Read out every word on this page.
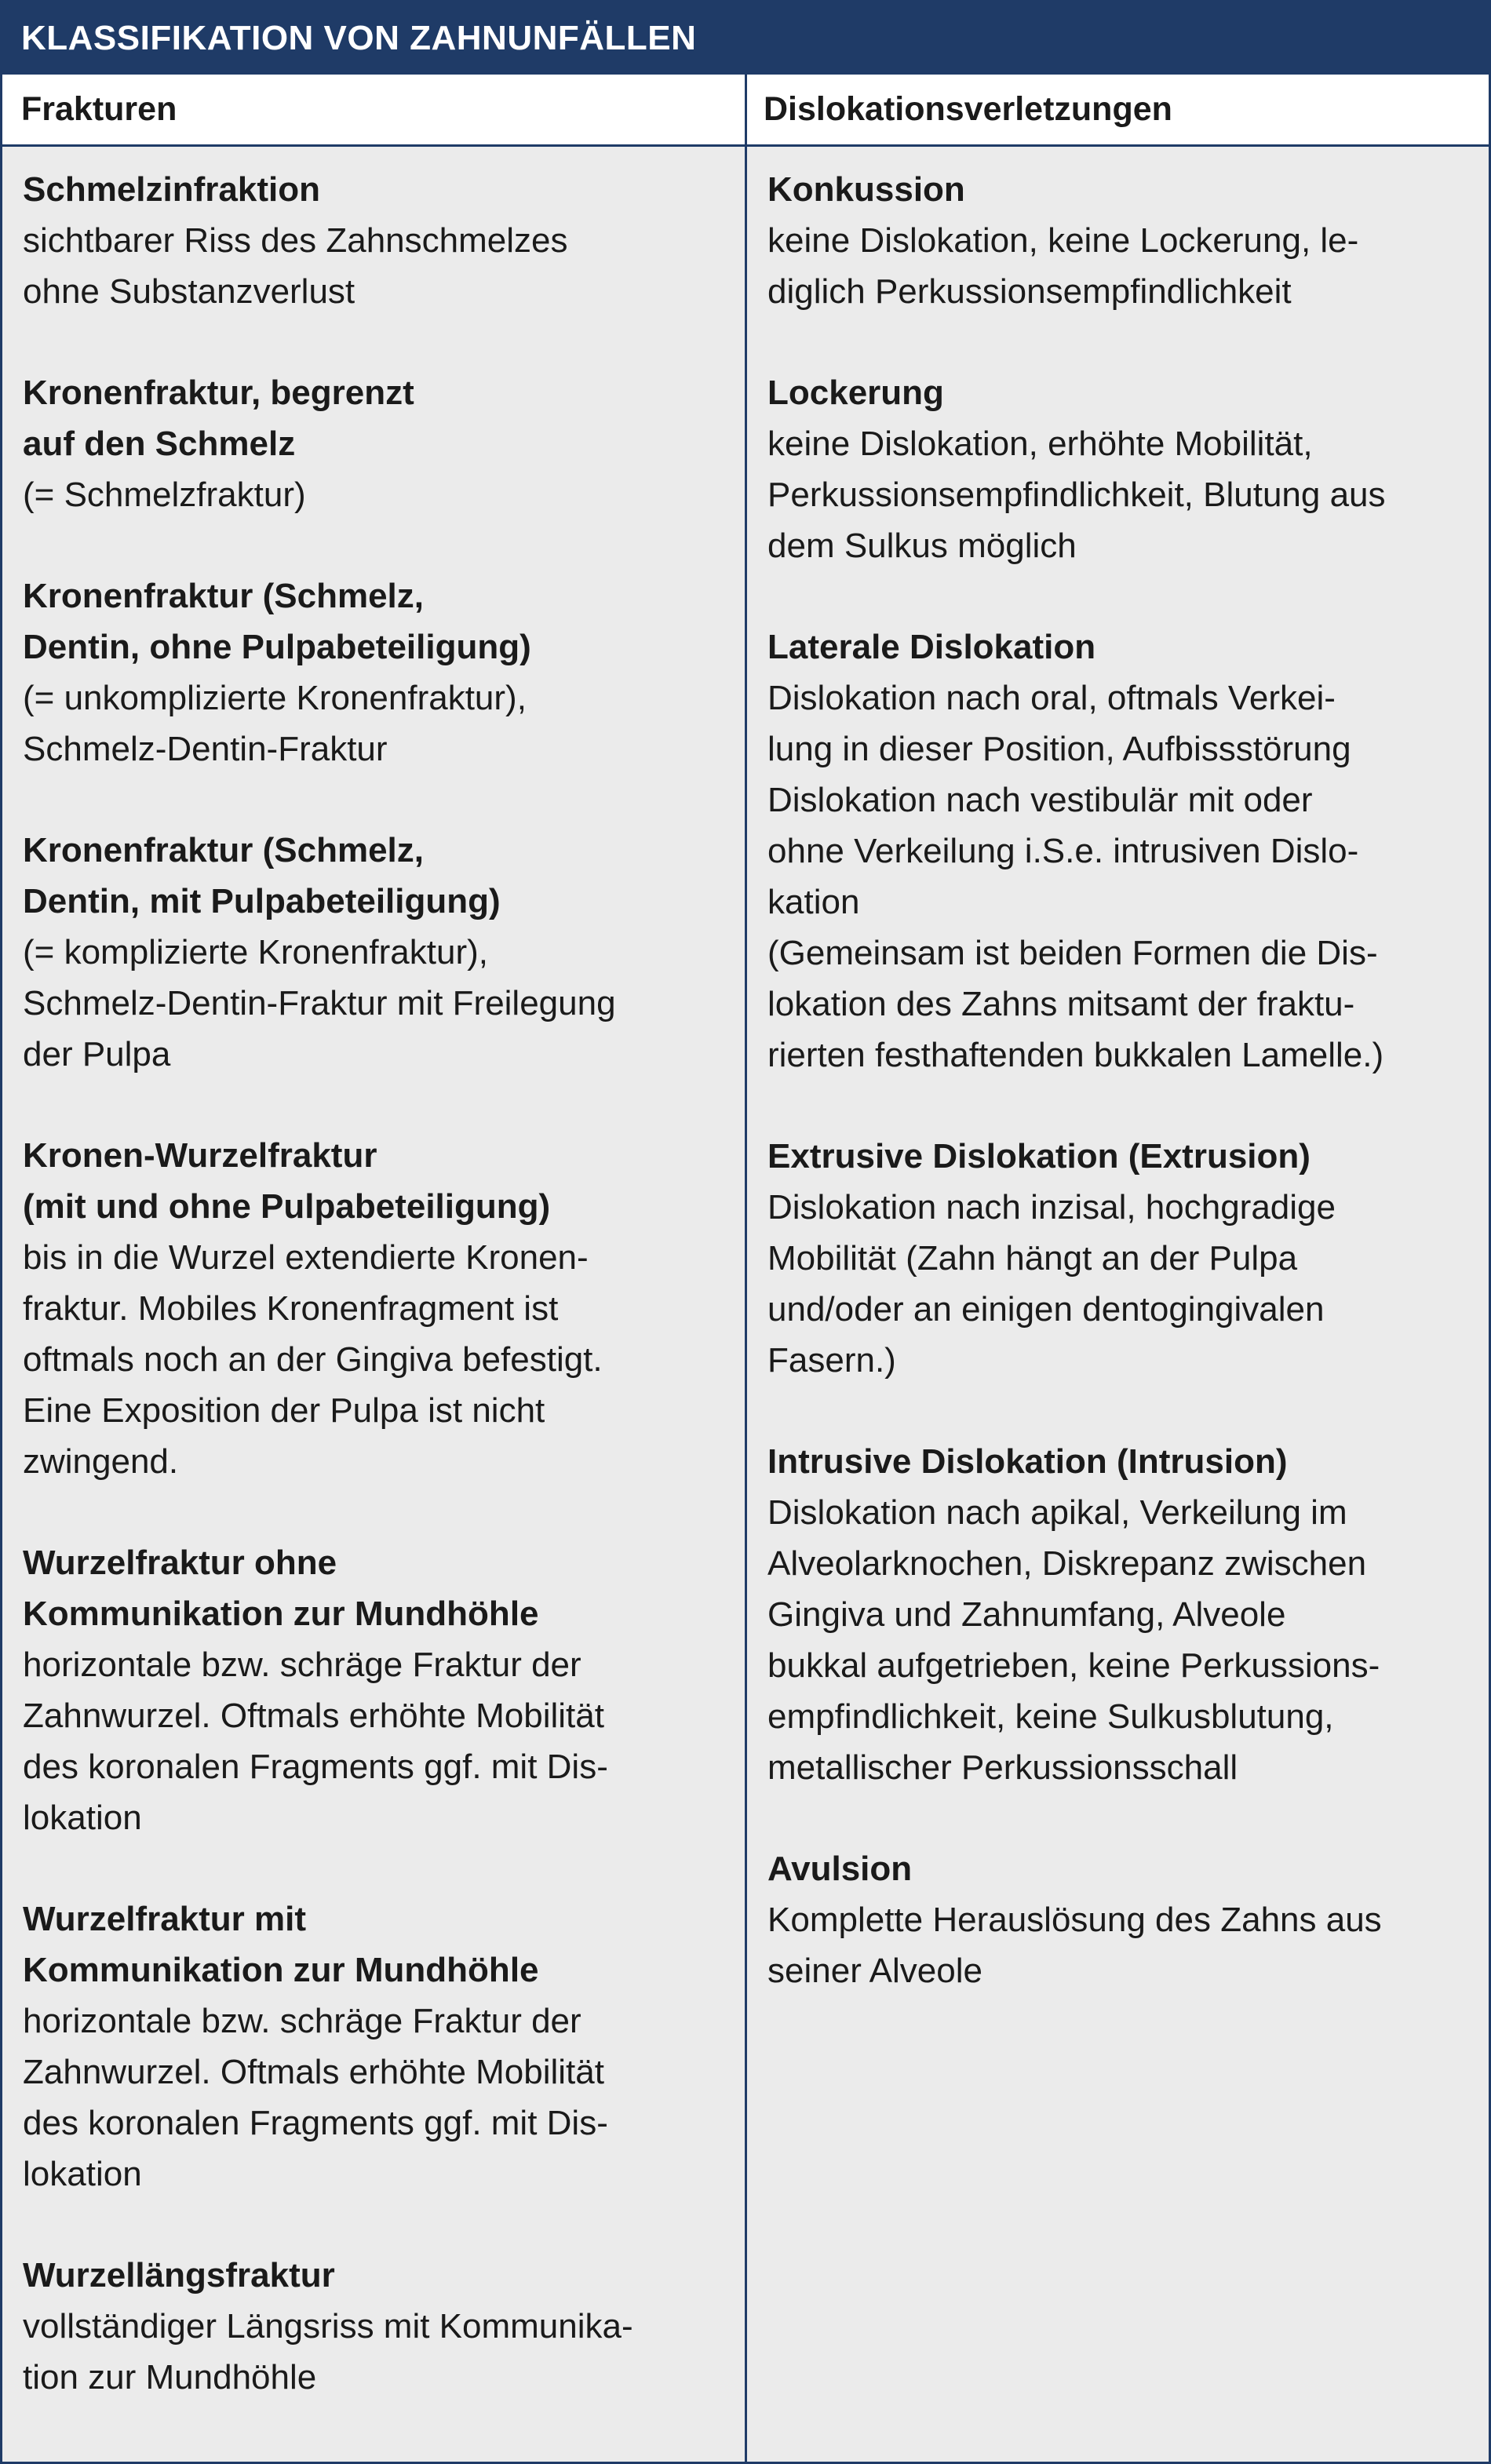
KLASSIFIKATION VON ZAHNUNFÄLLEN
Frakturen	Dislokationsverletzungen
Schmelzinfraktion
sichtbarer Riss des Zahnschmelzes
ohne Substanzverlust
Kronenfraktur, begrenzt
auf den Schmelz
(= Schmelzfraktur)
Kronenfraktur (Schmelz,
Dentin, ohne Pulpabeteiligung)
(= unkomplizierte Kronenfraktur),
Schmelz-Dentin-Fraktur
Kronenfraktur (Schmelz,
Dentin, mit Pulpabeteiligung)
(= komplizierte Kronenfraktur),
Schmelz-Dentin-Fraktur mit Freilegung
der Pulpa
Kronen-Wurzelfraktur
(mit und ohne Pulpabeteiligung)
bis in die Wurzel extendierte Kronen-
fraktur. Mobiles Kronenfragment ist
oftmals noch an der Gingiva befestigt.
Eine Exposition der Pulpa ist nicht
zwingend.
Wurzelfraktur ohne
Kommunikation zur Mundhöhle
horizontale bzw. schräge Fraktur der
Zahnwurzel. Oftmals erhöhte Mobilität
des koronalen Fragments ggf. mit Dis-
lokation
Wurzelfraktur mit
Kommunikation zur Mundhöhle
horizontale bzw. schräge Fraktur der
Zahnwurzel. Oftmals erhöhte Mobilität
des koronalen Fragments ggf. mit Dis-
lokation
Wurzellängsfraktur
vollständiger Längsriss mit Kommunika-
tion zur Mundhöhle
Konkussion
keine Dislokation, keine Lockerung, le-
diglich Perkussionsempfindlichkeit
Lockerung
keine Dislokation, erhöhte Mobilität,
Perkussionsempfindlichkeit, Blutung aus
dem Sulkus möglich
Laterale Dislokation
Dislokation nach oral, oftmals Verkei-
lung in dieser Position, Aufbissstörung
Dislokation nach vestibulär mit oder
ohne Verkeilung i.S.e. intrusiven Dislo-
kation
(Gemeinsam ist beiden Formen die Dis-
lokation des Zahns mitsamt der fraktu-
rierten festhaftenden bukkalen Lamelle.)
Extrusive Dislokation (Extrusion)
Dislokation nach inzisal, hochgradige
Mobilität (Zahn hängt an der Pulpa
und/oder an einigen dentogingivalen
Fasern.)
Intrusive Dislokation (Intrusion)
Dislokation nach apikal, Verkeilung im
Alveolarknochen, Diskrepanz zwischen
Gingiva und Zahnumfang, Alveole
bukkal aufgetrieben, keine Perkussions-
empfindlichkeit, keine Sulkusblutung,
metallischer Perkussionsschall
Avulsion
Komplette Herauslösung des Zahns aus
seiner Alveole
